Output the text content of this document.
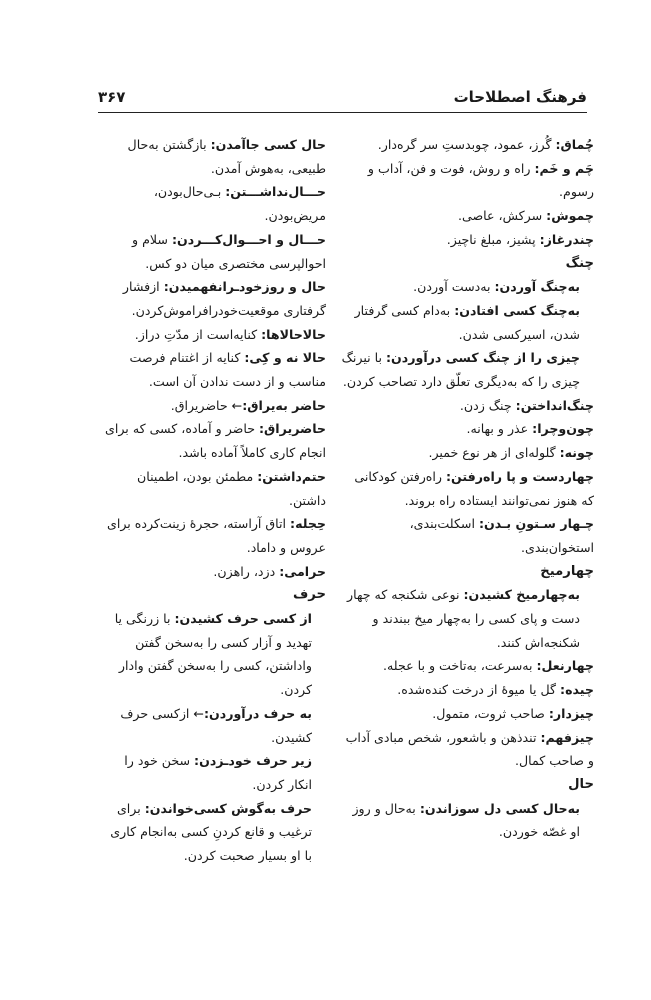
فرهنگ اصطلاحات
۳۶۷

چُماق: گُرز، عمود، چوبدستِ سر گره‌دار.

چَم و خَم: راه و روش، فوت و فن، آداب و رسوم.

چموش: سرکش، عاصی.

چندرغاز: پشیز، مبلغ ناچیز.

چنگ

به‌چنگ آوردن: به‌دست آوردن.

به‌چنگ کسی افتادن: به‌دام کسی گرفتار شدن، اسیرکسی شدن.

چیزی را از چنگ کسی درآوردن: با نیرنگ چیزی را که به‌دیگری تعلّق دارد تصاحب کردن.

چنگ‌انداختن: چنگ زدن.

چون‌وچرا: عذر و بهانه.

چونه: گلوله‌ای از هر نوع خمیر.

چهاردست و پا راه‌رفتن: راه‌رفتن کودکانی که هنوز نمی‌توانند ایستاده راه بروند.

چـهار سـتونِ بـدن: اسکلت‌بندی، استخوان‌بندی.

چهارمیخ

به‌چهارمیخ کشیدن: نوعی شکنجه که چهار دست و پای کسی را به‌چهار میخ ببندند و شکنجه‌اش کنند.

چهارنعل: به‌سرعت، به‌تاخت و با عجله.

چیده: گل یا میوهٔ از درخت کنده‌شده.

چیزدار: صاحب ثروت، متمول.

چیزفهم: تندذهن و باشعور، شخص مبادی آداب و صاحب کمال.

حال

به‌حال کسی دل سوزاندن: به‌حال و روز او غصّه خوردن.

حال کسی جاآمدن: بازگشتن به‌حال طبیعی، به‌هوش آمدن.

حـــال‌نداشـــتن: بـی‌حال‌بودن، مریض‌بودن.

حـــال و احـــوال‌کـــردن: سلام و احوالپرسی مختصری میان دو کس.

حال و روزخود‌ـرانفهمیدن: ازفشار گرفتاری موقعیت‌خودرافراموش‌کردن.

حالاحالاها: کنایه‌است از مدّتِ دراز.

حالا نه و کِی: کنایه از اغتنام فرصت مناسب و از دست ندادن آن است.

حاضر به‌یراق:← حاضریراق.

حاضریراق: حاضر و آماده، کسی که برای انجام کاری کاملاً آماده باشد.

حتم‌داشتن: مطمئن بودن، اطمینان داشتن.

حِجله: اتاق آراسته، حجرهٔ زینت‌کرده برای عروس و داماد.

حرامی: دزد، راهزن.

حرف

از کسی حرف کشیدن: با زرنگی یا تهدید و آزار کسی را به‌سخن گفتن واداشتن، کسی را به‌سخن گفتن وادار کردن.

به حرف درآوردن:← ازکسی حرف کشیدن.

زیر حرف خود‌ـزدن: سخن خود را انکار کردن.

حرف به‌گوش کسی‌خواندن: برای ترغیب و قانع کردنِ کسی به‌انجام کاری با او بسیار صحبت کردن.
